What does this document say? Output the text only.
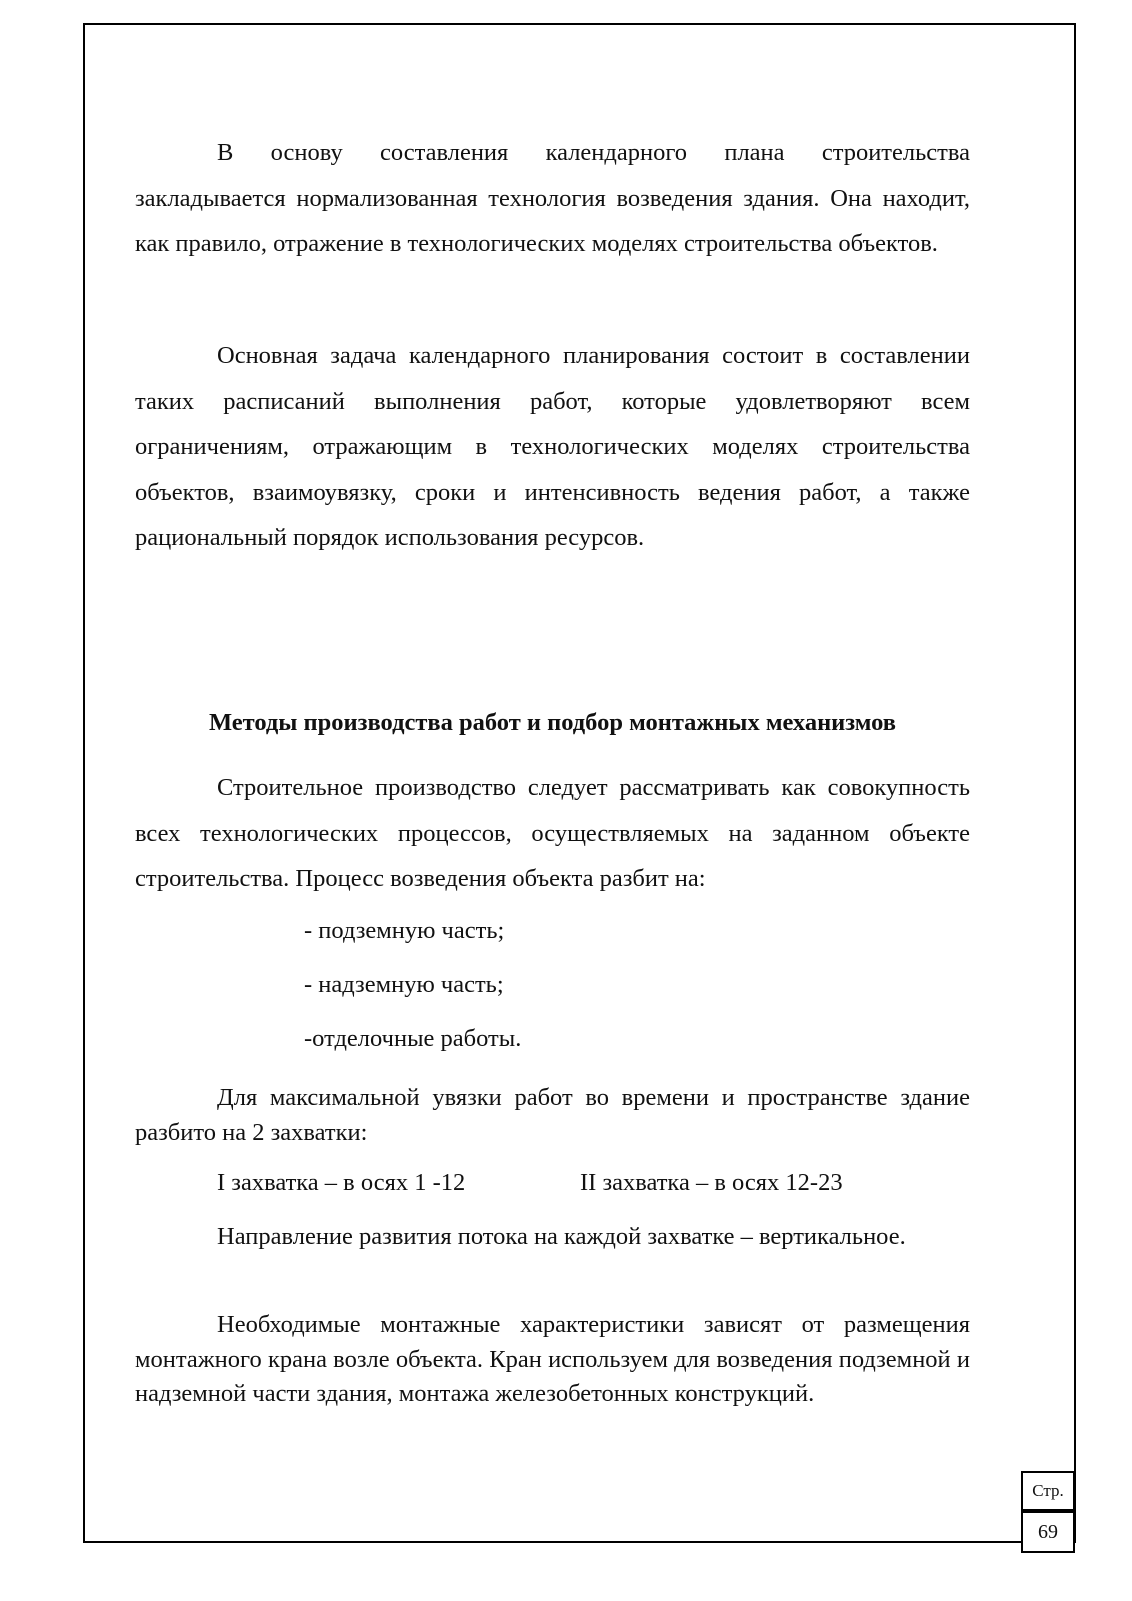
В основу составления календарного плана строительства закладывается нормализованная технология возведения здания. Она находит, как правило, отражение в технологических моделях строительства объектов.

Основная задача календарного планирования состоит в составлении таких расписаний выполнения работ, которые удовлетворяют всем ограничениям, отражающим в технологических моделях строительства объектов, взаимоувязку, сроки и интенсивность ведения работ, а также рациональный порядок использования ресурсов.

Методы производства работ и подбор монтажных механизмов

Строительное производство следует рассматривать как совокупность всех технологических процессов, осуществляемых на заданном объекте строительства. Процесс возведения объекта разбит на:

- подземную часть;
- надземную часть;
-отделочные работы.

Для максимальной увязки работ во времени и пространстве здание разбито на 2 захватки:

I захватка – в осях 1 -12	II захватка – в осях 12-23

Направление развития потока на каждой захватке – вертикальное.

Необходимые монтажные характеристики зависят от размещения монтажного крана возле объекта. Кран используем для возведения подземной и надземной части здания, монтажа железобетонных конструкций.

Стр.
69
